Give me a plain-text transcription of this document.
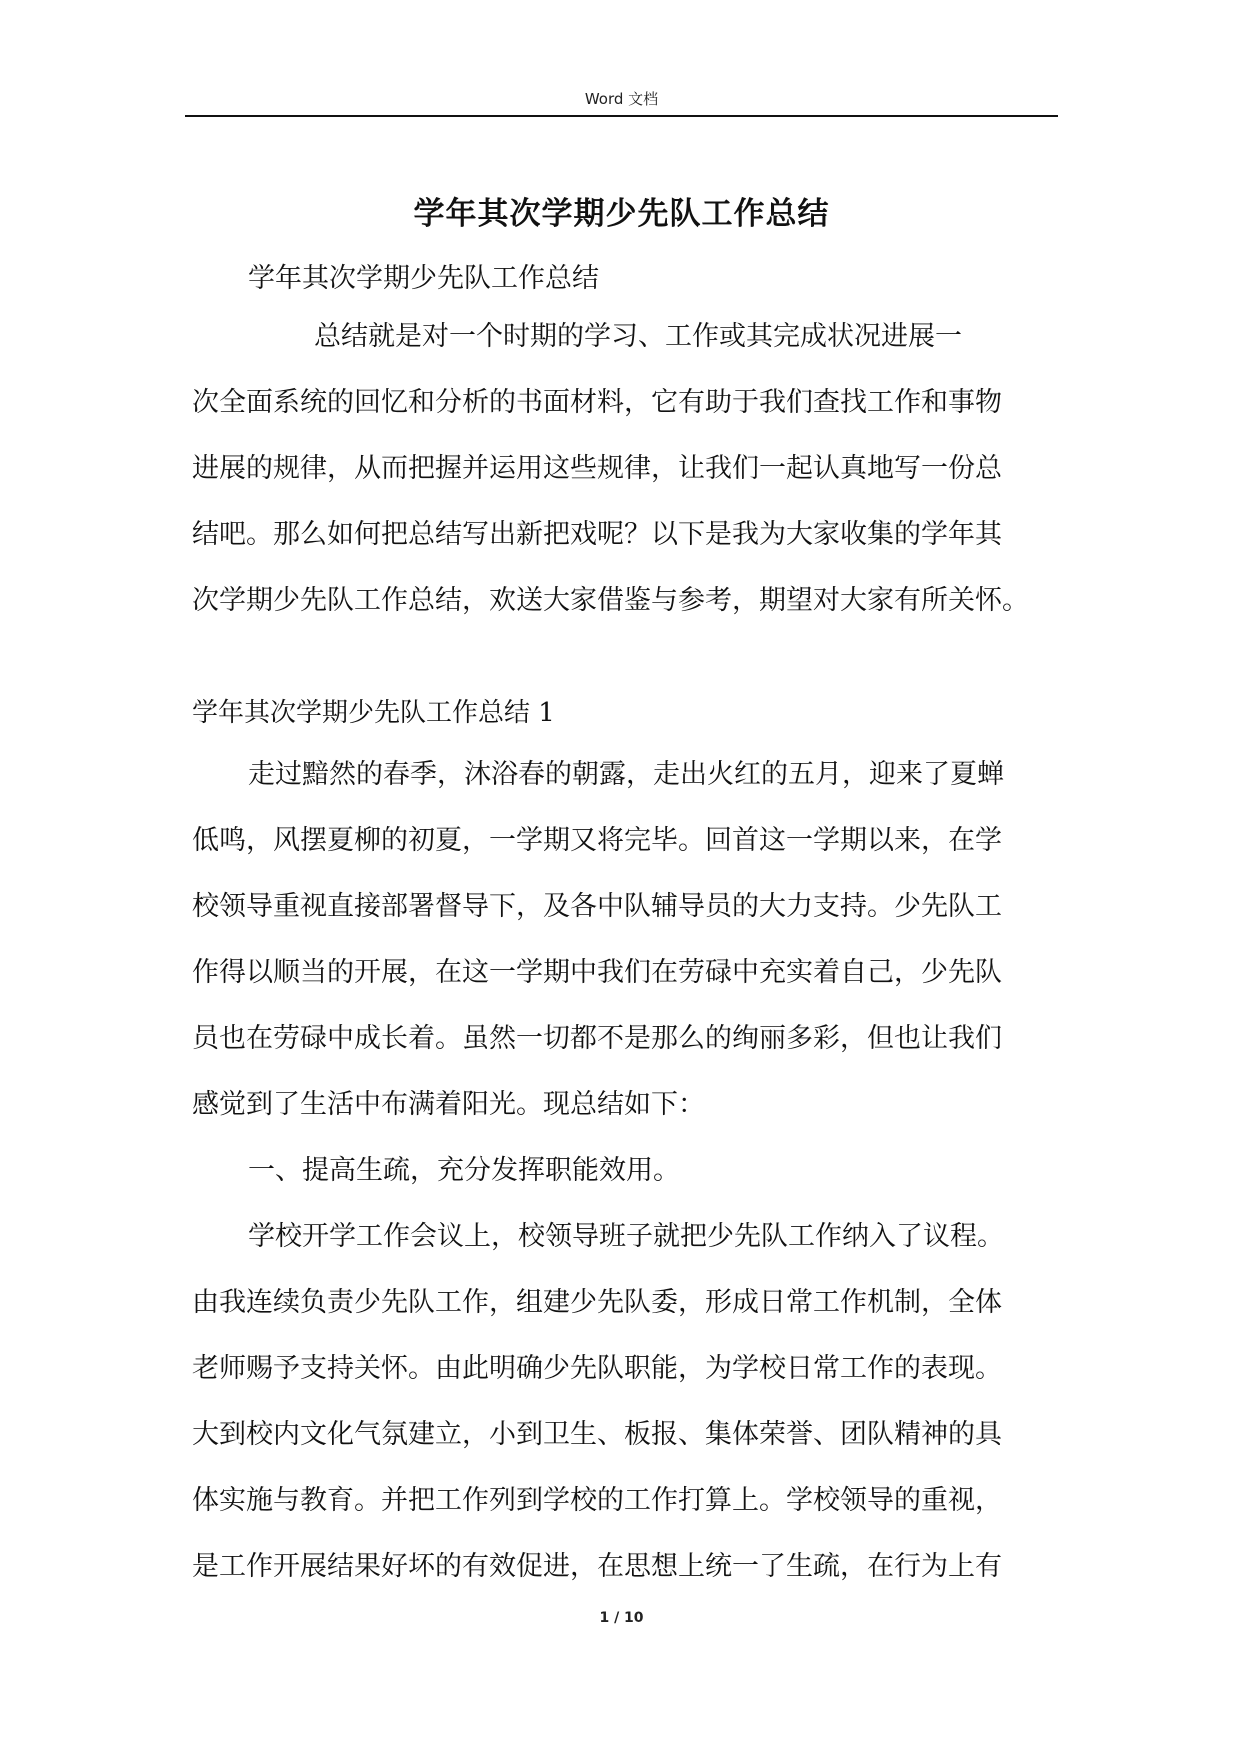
Word 文档
学年其次学期少先队工作总结
学年其次学期少先队工作总结
总结就是对一个时期的学习、工作或其完成状况进展一
次全面系统的回忆和分析的书面材料，它有助于我们查找工作和事物
进展的规律，从而把握并运用这些规律，让我们一起认真地写一份总
结吧。那么如何把总结写出新把戏呢？以下是我为大家收集的学年其
次学期少先队工作总结，欢送大家借鉴与参考，期望对大家有所关怀。
学年其次学期少先队工作总结 1
走过黯然的春季，沐浴春的朝露，走出火红的五月，迎来了夏蝉
低鸣，风摆夏柳的初夏，一学期又将完毕。回首这一学期以来，在学
校领导重视直接部署督导下，及各中队辅导员的大力支持。少先队工
作得以顺当的开展，在这一学期中我们在劳碌中充实着自己，少先队
员也在劳碌中成长着。虽然一切都不是那么的绚丽多彩，但也让我们
感觉到了生活中布满着阳光。现总结如下：
一、提高生疏，充分发挥职能效用。
学校开学工作会议上，校领导班子就把少先队工作纳入了议程。
由我连续负责少先队工作，组建少先队委，形成日常工作机制，全体
老师赐予支持关怀。由此明确少先队职能，为学校日常工作的表现。
大到校内文化气氛建立，小到卫生、板报、集体荣誉、团队精神的具
体实施与教育。并把工作列到学校的工作打算上。学校领导的重视，
是工作开展结果好坏的有效促进，在思想上统一了生疏，在行为上有
1 / 10
